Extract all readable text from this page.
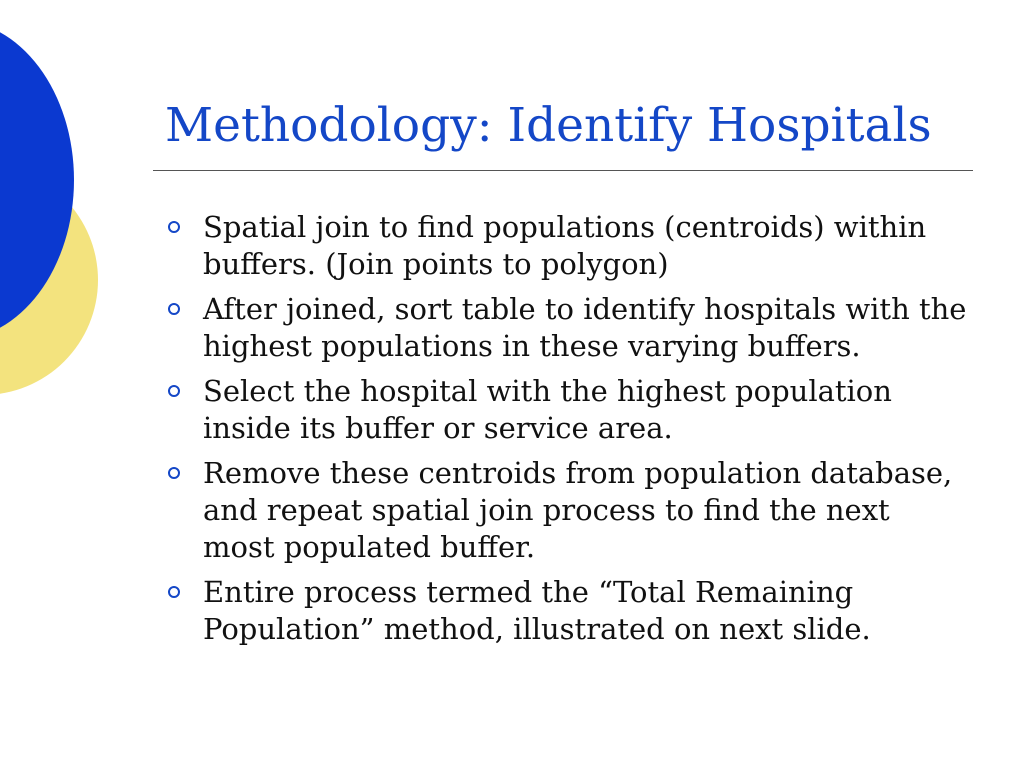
Methodology: Identify Hospitals
Spatial join to find populations (centroids) within buffers. (Join points to polygon)
After joined, sort table to identify hospitals with the highest populations in these varying buffers.
Select the hospital with the highest population inside its buffer or service area.
Remove these centroids from population database, and repeat spatial join process to find the next most populated buffer.
Entire process termed the “Total Remaining Population” method, illustrated on next slide.
